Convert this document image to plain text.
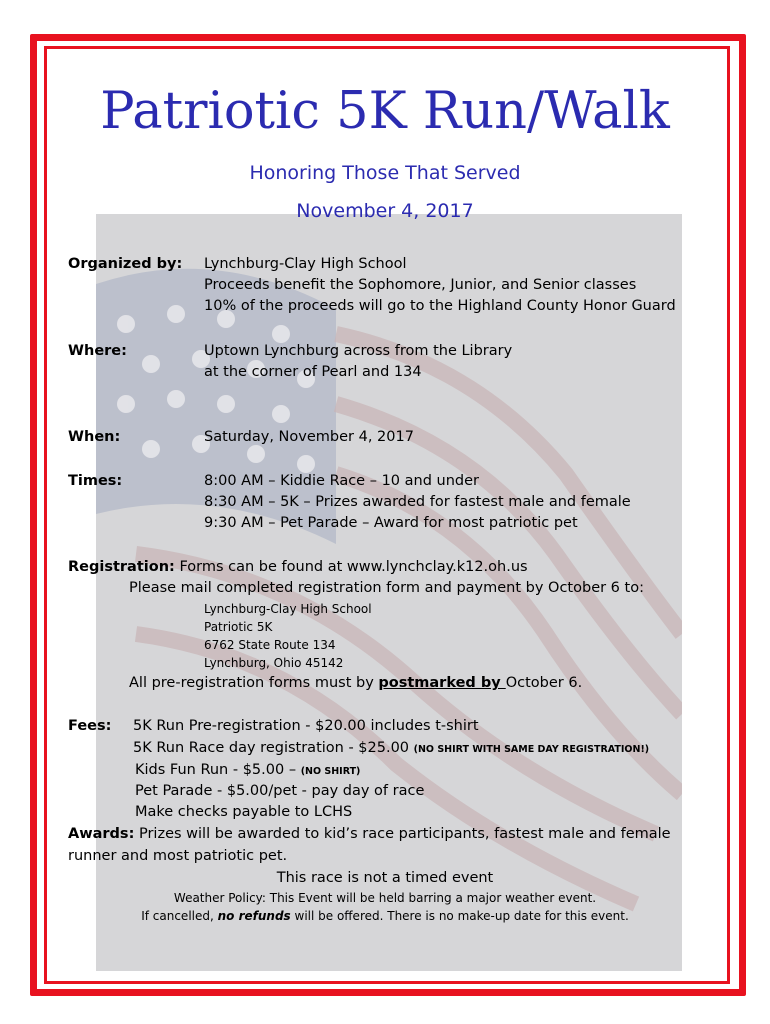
Patriotic 5K Run/Walk
Honoring Those That Served
November 4, 2017
Organized by: Lynchburg-Clay High School
Proceeds benefit the Sophomore, Junior, and Senior classes
10% of the proceeds will go to the Highland County Honor Guard
Where:	Uptown Lynchburg across from the Library
at the corner of Pearl and 134
When:	Saturday, November 4, 2017
Times:	8:00 AM – Kiddie Race – 10 and under
8:30 AM – 5K – Prizes awarded for fastest male and female
9:30 AM – Pet Parade – Award for most patriotic pet
Registration: Forms can be found at www.lynchclay.k12.oh.us
Please mail completed registration form and payment by October 6 to:
Lynchburg-Clay High School
Patriotic 5K
6762 State Route 134
Lynchburg, Ohio 45142
All pre-registration forms must by postmarked by October 6.
Fees: 5K Run Pre-registration - $20.00 includes t-shirt
5K Run Race day registration - $25.00 (NO SHIRT WITH SAME DAY REGISTRATION!)
Kids Fun Run - $5.00 – (NO SHIRT)
Pet Parade - $5.00/pet - pay day of race
Make checks payable to LCHS
Awards: Prizes will be awarded to kid’s race participants, fastest male and female
runner and most patriotic pet.
This race is not a timed event
Weather Policy: This Event will be held barring a major weather event.
If cancelled, no refunds will be offered. There is no make-up date for this event.
